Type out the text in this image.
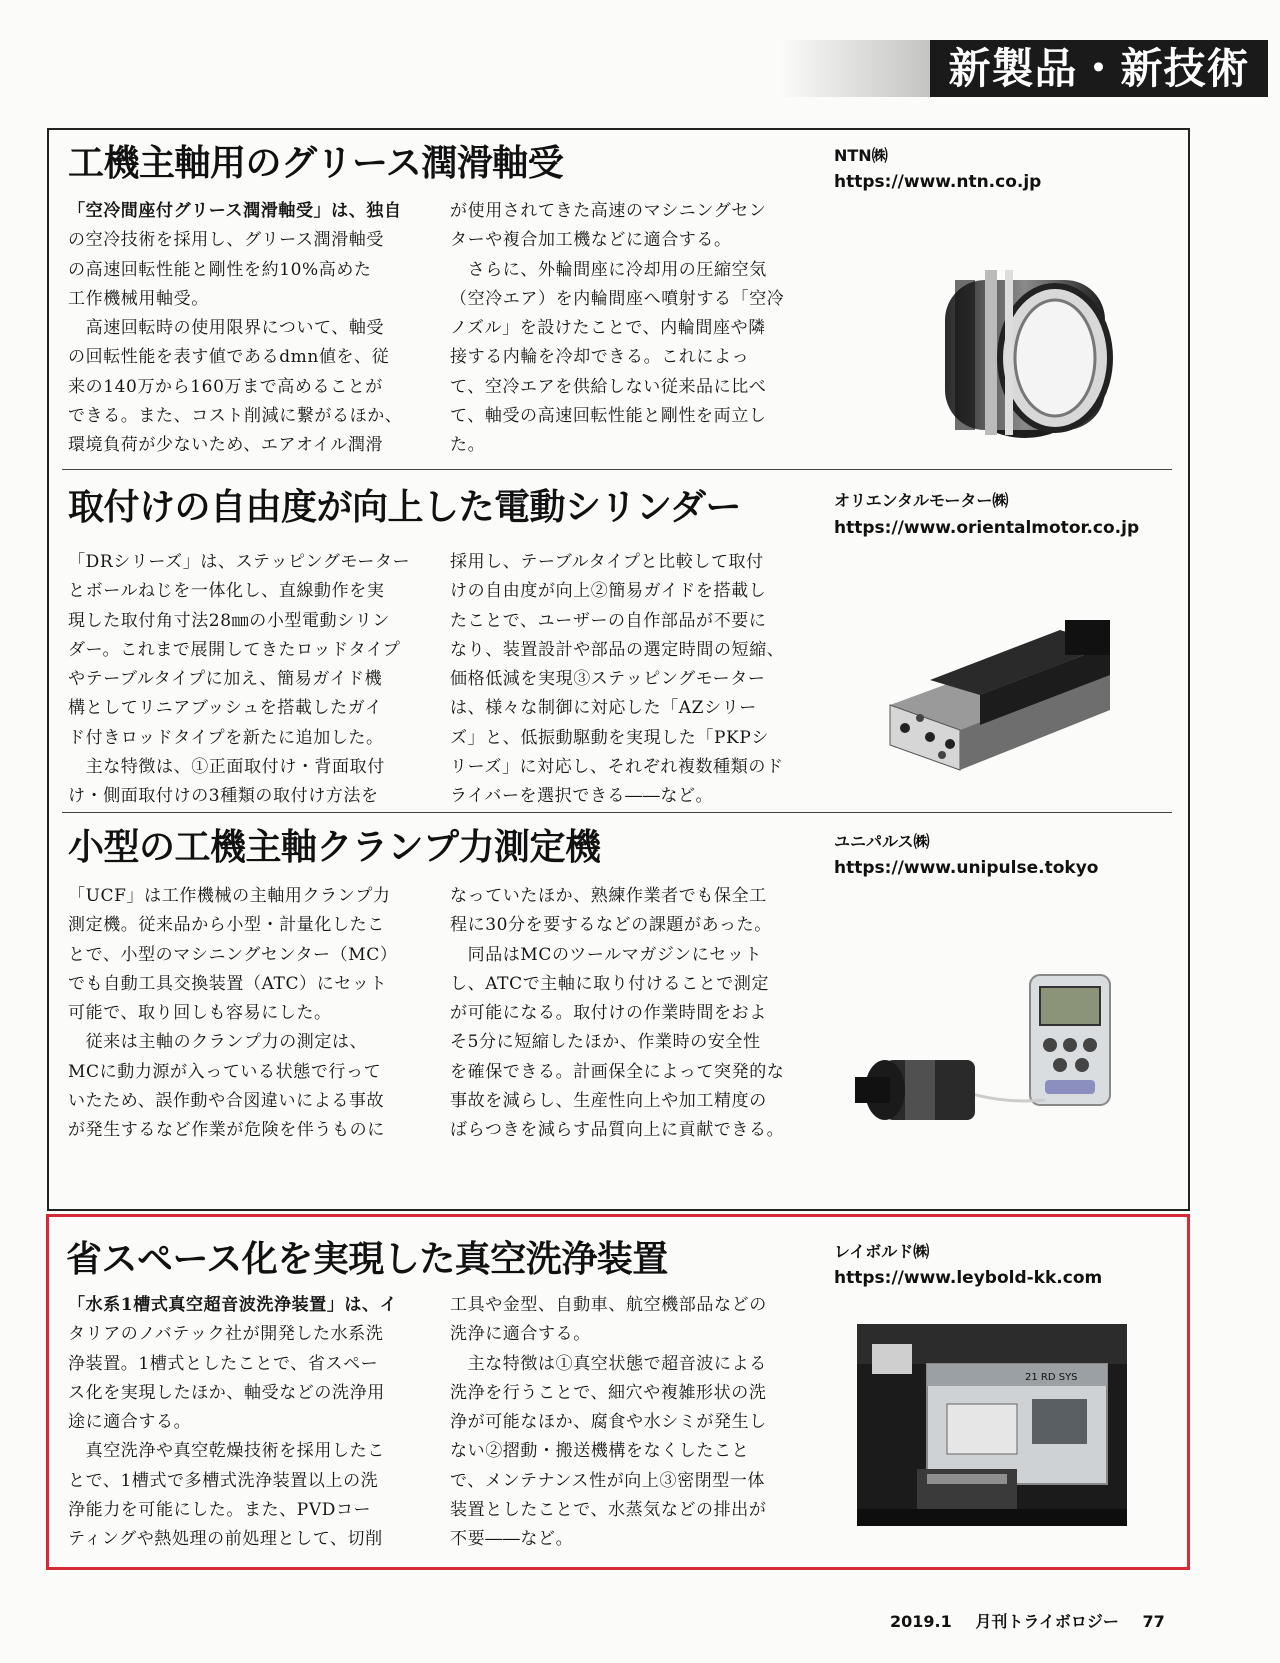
新製品・新技術
工機主軸用のグリース潤滑軸受	NTN㈱
https://www.ntn.co.jp
「空冷間座付グリース潤滑軸受」は、独自
の空冷技術を採用し、グリース潤滑軸受
の高速回転性能と剛性を約10%高めた
工作機械用軸受。
　高速回転時の使用限界について、軸受
の回転性能を表す値であるdmn値を、従
来の140万から160万まで高めることが
できる。また、コスト削減に繋がるほか、
環境負荷が少ないため、エアオイル潤滑
が使用されてきた高速のマシニングセン
ターや複合加工機などに適合する。
　さらに、外輪間座に冷却用の圧縮空気
（空冷エア）を内輪間座へ噴射する「空冷
ノズル」を設けたことで、内輪間座や隣
接する内輪を冷却できる。これによっ
て、空冷エアを供給しない従来品に比べ
て、軸受の高速回転性能と剛性を両立し
た。
取付けの自由度が向上した電動シリンダー	オリエンタルモーター㈱
https://www.orientalmotor.co.jp
「DRシリーズ」は、ステッピングモーター
とボールねじを一体化し、直線動作を実
現した取付角寸法28㎜の小型電動シリン
ダー。これまで展開してきたロッドタイプ
やテーブルタイプに加え、簡易ガイド機
構としてリニアブッシュを搭載したガイ
ド付きロッドタイプを新たに追加した。
　主な特徴は、①正面取付け・背面取付
け・側面取付けの3種類の取付け方法を
採用し、テーブルタイプと比較して取付
けの自由度が向上②簡易ガイドを搭載し
たことで、ユーザーの自作部品が不要に
なり、装置設計や部品の選定時間の短縮、
価格低減を実現③ステッピングモーター
は、様々な制御に対応した「AZシリー
ズ」と、低振動駆動を実現した「PKPシ
リーズ」に対応し、それぞれ複数種類のド
ライバーを選択できる――など。
小型の工機主軸クランプ力測定機	ユニパルス㈱
https://www.unipulse.tokyo
「UCF」は工作機械の主軸用クランプ力
測定機。従来品から小型・計量化したこ
とで、小型のマシニングセンター（MC）
でも自動工具交換装置（ATC）にセット
可能で、取り回しも容易にした。
　従来は主軸のクランプ力の測定は、
MCに動力源が入っている状態で行って
いたため、誤作動や合図違いによる事故
が発生するなど作業が危険を伴うものに
なっていたほか、熟練作業者でも保全工
程に30分を要するなどの課題があった。
　同品はMCのツールマガジンにセット
し、ATCで主軸に取り付けることで測定
が可能になる。取付けの作業時間をおよ
そ5分に短縮したほか、作業時の安全性
を確保できる。計画保全によって突発的な
事故を減らし、生産性向上や加工精度の
ばらつきを減らす品質向上に貢献できる。
省スペース化を実現した真空洗浄装置	レイボルド㈱
https://www.leybold-kk.com
「水系1槽式真空超音波洗浄装置」は、イ
タリアのノバテック社が開発した水系洗
浄装置。1槽式としたことで、省スペー
ス化を実現したほか、軸受などの洗浄用
途に適合する。
　真空洗浄や真空乾燥技術を採用したこ
とで、1槽式で多槽式洗浄装置以上の洗
浄能力を可能にした。また、PVDコー
ティングや熱処理の前処理として、切削
工具や金型、自動車、航空機部品などの
洗浄に適合する。
　主な特徴は①真空状態で超音波による
洗浄を行うことで、細穴や複雑形状の洗
浄が可能なほか、腐食や水シミが発生し
ない②摺動・搬送機構をなくしたこと
で、メンテナンス性が向上③密閉型一体
装置としたことで、水蒸気などの排出が
不要――など。
21 RD SYS
2019.1 月刊トライボロジー 77
